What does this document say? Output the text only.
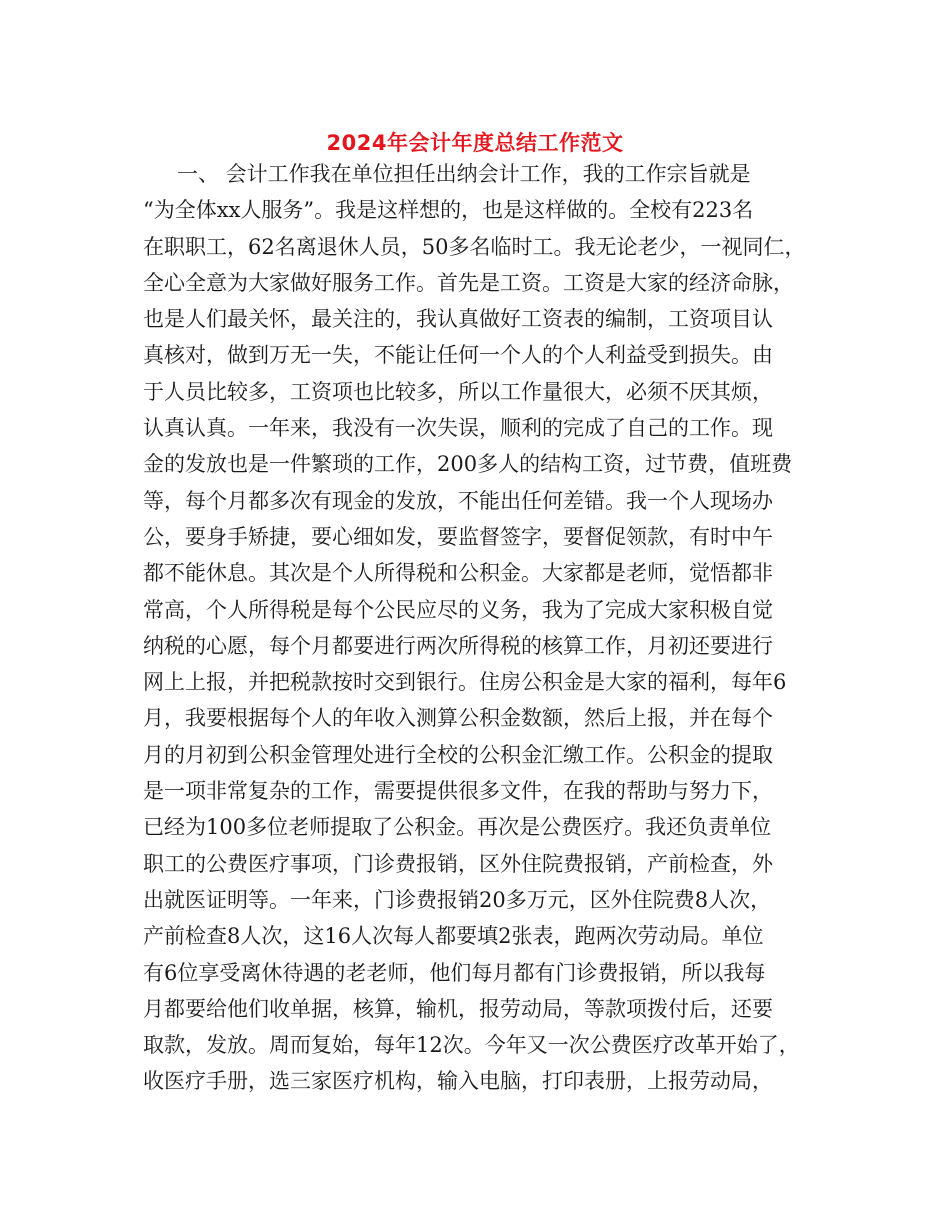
2024年会计年度总结工作范文
一、 会计工作我在单位担任出纳会计工作，我的工作宗旨就是
“为全体xx人服务”。我是这样想的，也是这样做的。全校有223名
在职职工，62名离退休人员，50多名临时工。我无论老少，一视同仁，
全心全意为大家做好服务工作。首先是工资。工资是大家的经济命脉，
也是人们最关怀，最关注的，我认真做好工资表的编制，工资项目认
真核对，做到万无一失，不能让任何一个人的个人利益受到损失。由
于人员比较多，工资项也比较多，所以工作量很大，必须不厌其烦，
认真认真。一年来，我没有一次失误，顺利的完成了自己的工作。现
金的发放也是一件繁琐的工作，200多人的结构工资，过节费，值班费
等，每个月都多次有现金的发放，不能出任何差错。我一个人现场办
公，要身手矫捷，要心细如发，要监督签字，要督促领款，有时中午
都不能休息。其次是个人所得税和公积金。大家都是老师，觉悟都非
常高，个人所得税是每个公民应尽的义务，我为了完成大家积极自觉
纳税的心愿，每个月都要进行两次所得税的核算工作，月初还要进行
网上上报，并把税款按时交到银行。住房公积金是大家的福利，每年6
月，我要根据每个人的年收入测算公积金数额，然后上报，并在每个
月的月初到公积金管理处进行全校的公积金汇缴工作。公积金的提取
是一项非常复杂的工作，需要提供很多文件，在我的帮助与努力下，
已经为100多位老师提取了公积金。再次是公费医疗。我还负责单位
职工的公费医疗事项，门诊费报销，区外住院费报销，产前检查，外
出就医证明等。一年来，门诊费报销20多万元，区外住院费8人次，
产前检查8人次，这16人次每人都要填2张表，跑两次劳动局。单位
有6位享受离休待遇的老老师，他们每月都有门诊费报销，所以我每
月都要给他们收单据，核算，输机，报劳动局，等款项拨付后，还要
取款，发放。周而复始，每年12次。今年又一次公费医疗改革开始了，
收医疗手册，选三家医疗机构，输入电脑，打印表册，上报劳动局，
